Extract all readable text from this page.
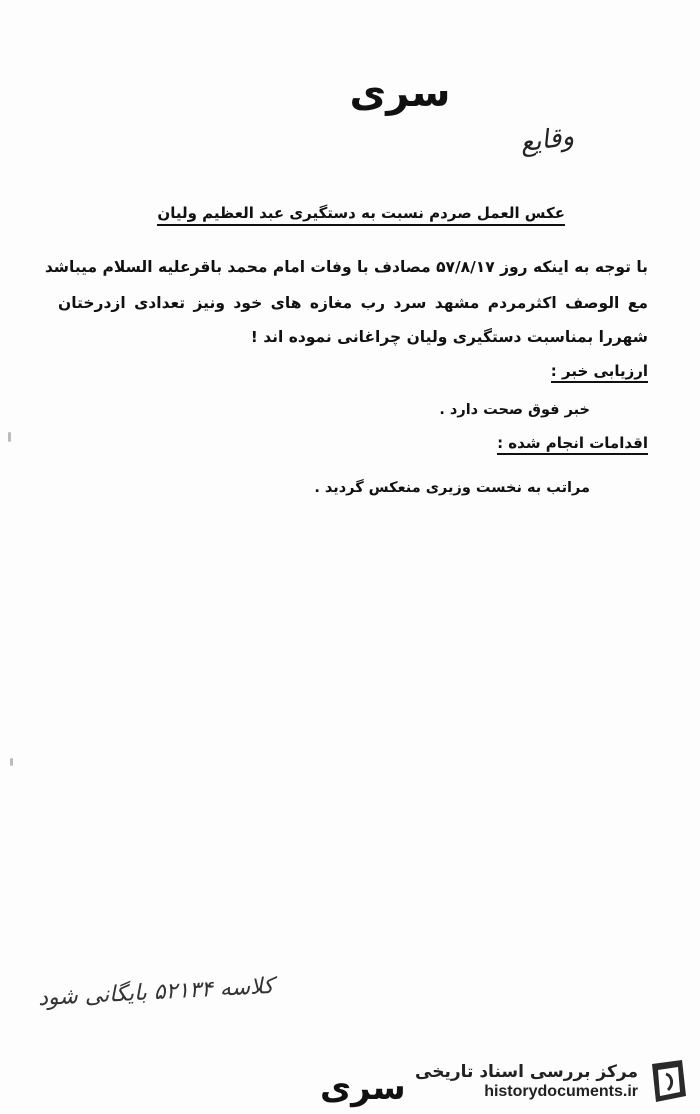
سری
وقایع
عکس العمل صردم نسبت به دستگیری عبد العظیم ولیان
با توجه به اینکه روز ۵۷/۸/۱۷ مصادف با وفات امام محمد باقرعلیه السلام میباشد
مع الوصف اکثرمردم مشهد سرد رب مغازه های خود ونیز تعدادی ازدرختان
شهررا بمناسبت دستگیری ولیان چراغانی نموده اند !
ارزیابی خبر :
خبر فوق صحت دارد .
اقدامات انجام شده :
مراتب به نخست وزیری منعکس گردید .
کلاسه ۵۲۱۳۴ بایگانی شود
سری مرکز بررسی اسناد تاریخی
historydocuments.ir
